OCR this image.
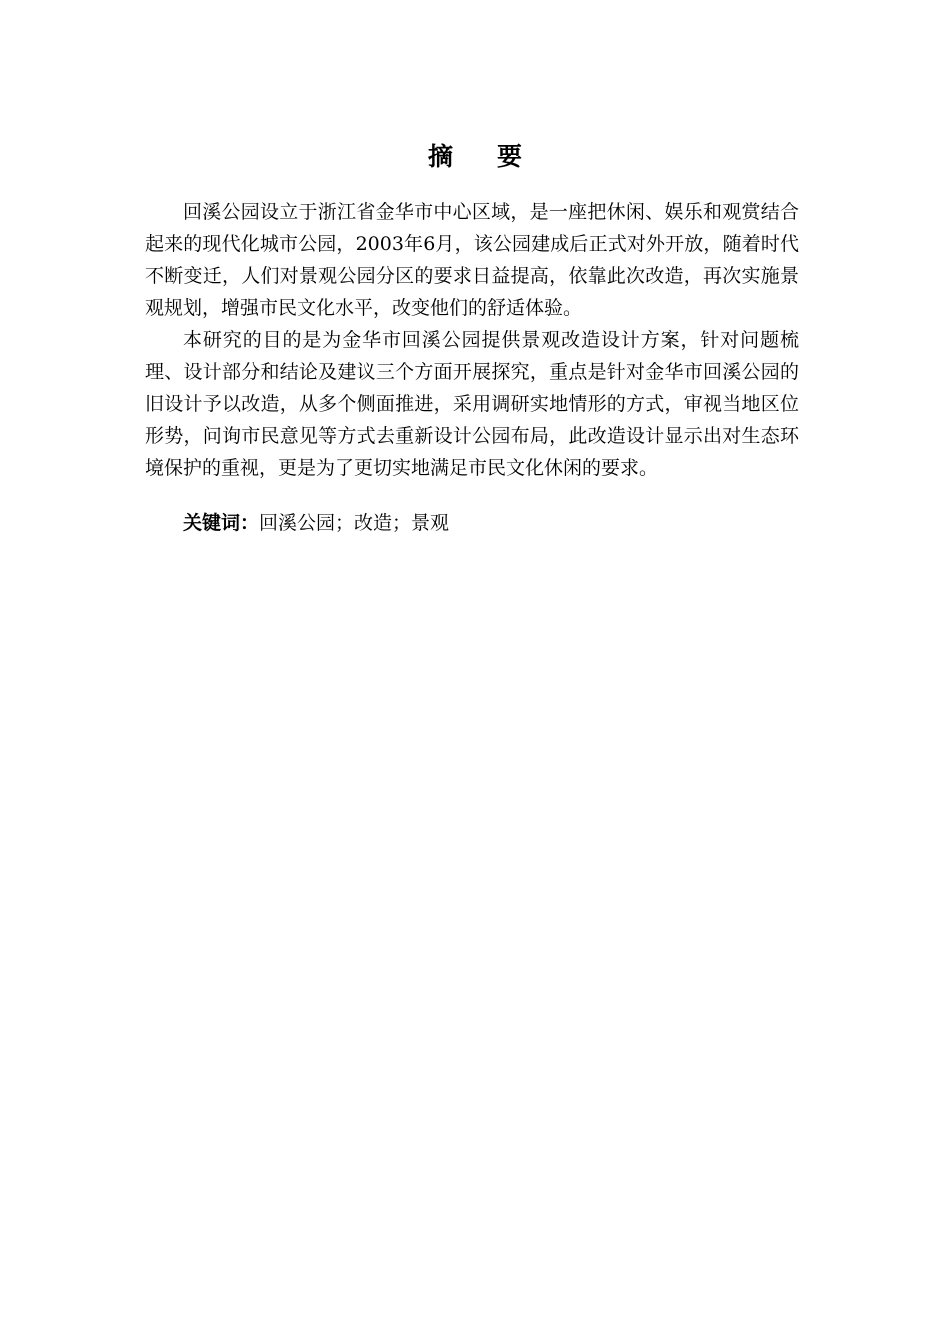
摘 要

回溪公园设立于浙江省金华市中心区域，是一座把休闲、娱乐和观赏结合起来的现代化城市公园，2003年6月，该公园建成后正式对外开放，随着时代不断变迁，人们对景观公园分区的要求日益提高，依靠此次改造，再次实施景观规划，增强市民文化水平，改变他们的舒适体验。

本研究的目的是为金华市回溪公园提供景观改造设计方案，针对问题梳理、设计部分和结论及建议三个方面开展探究，重点是针对金华市回溪公园的旧设计予以改造，从多个侧面推进，采用调研实地情形的方式，审视当地区位形势，问询市民意见等方式去重新设计公园布局，此改造设计显示出对生态环境保护的重视，更是为了更切实地满足市民文化休闲的要求。

关键词：回溪公园；改造；景观
